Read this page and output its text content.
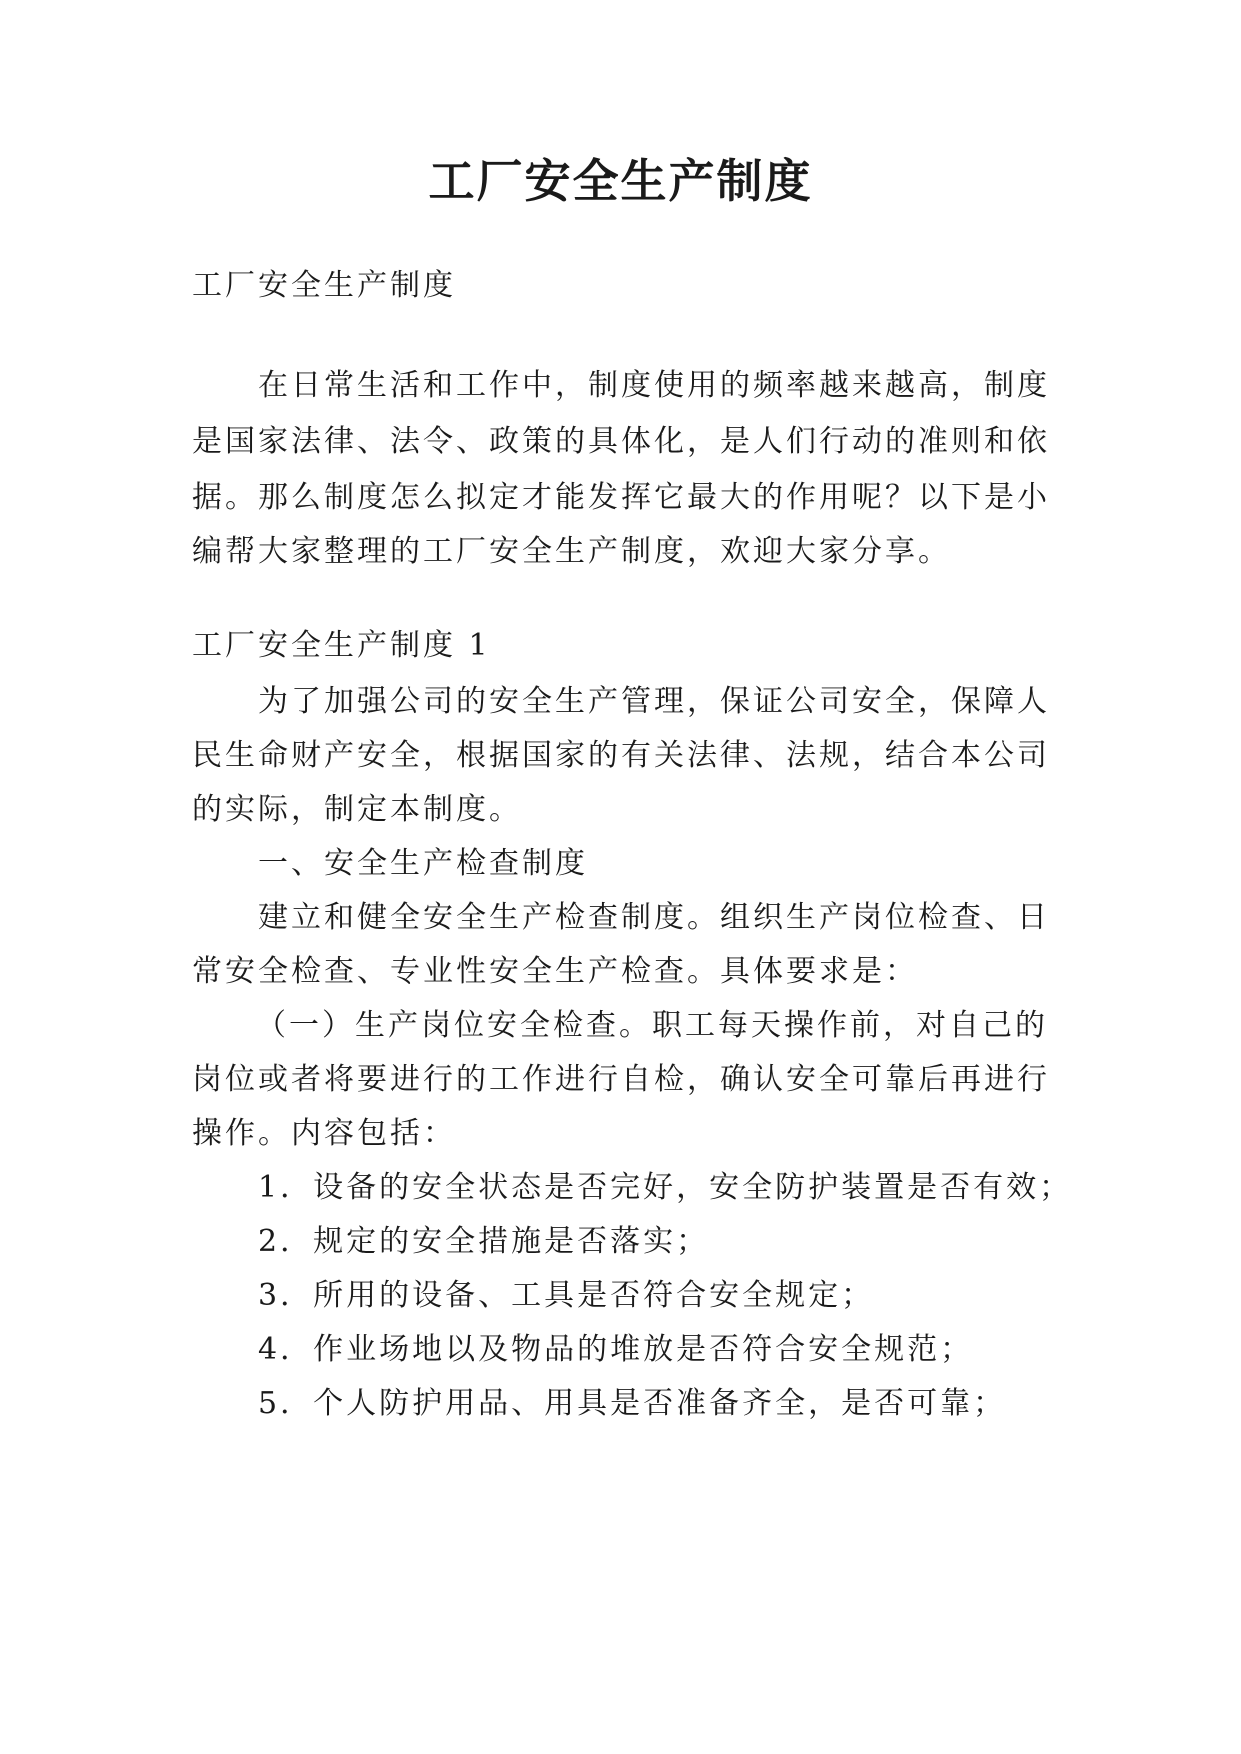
工厂安全生产制度
工厂安全生产制度
在日常生活和工作中，制度使用的频率越来越高，制度
是国家法律、法令、政策的具体化，是人们行动的准则和依
据。那么制度怎么拟定才能发挥它最大的作用呢？以下是小
编帮大家整理的工厂安全生产制度，欢迎大家分享。
工厂安全生产制度 1
为了加强公司的安全生产管理，保证公司安全，保障人
民生命财产安全，根据国家的有关法律、法规，结合本公司
的实际，制定本制度。
一、安全生产检查制度
建立和健全安全生产检查制度。组织生产岗位检查、日
常安全检查、专业性安全生产检查。具体要求是：
（一）生产岗位安全检查。职工每天操作前，对自己的
岗位或者将要进行的工作进行自检，确认安全可靠后再进行
操作。内容包括：
1．设备的安全状态是否完好，安全防护装置是否有效；
2．规定的安全措施是否落实；
3．所用的设备、工具是否符合安全规定；
4．作业场地以及物品的堆放是否符合安全规范；
5．个人防护用品、用具是否准备齐全，是否可靠；
